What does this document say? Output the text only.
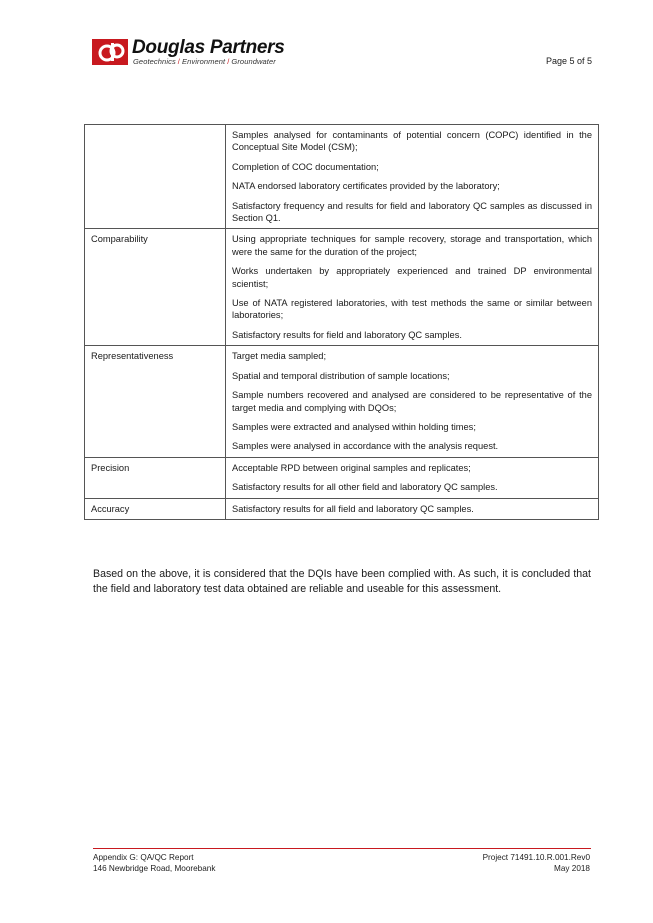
Douglas Partners
Geotechnics / Environment / Groundwater	Page 5 of 5

	Samples analysed for contaminants of potential concern (COPC) identified in the Conceptual Site Model (CSM);
Completion of COC documentation;
NATA endorsed laboratory certificates provided by the laboratory;
Satisfactory frequency and results for field and laboratory QC samples as discussed in Section Q1.

Comparability	Using appropriate techniques for sample recovery, storage and transportation, which were the same for the duration of the project;
Works undertaken by appropriately experienced and trained DP environmental scientist;
Use of NATA registered laboratories, with test methods the same or similar between laboratories;
Satisfactory results for field and laboratory QC samples.

Representativeness	Target media sampled;
Spatial and temporal distribution of sample locations;
Sample numbers recovered and analysed are considered to be representative of the target media and complying with DQOs;
Samples were extracted and analysed within holding times;
Samples were analysed in accordance with the analysis request.

Precision	Acceptable RPD between original samples and replicates;
Satisfactory results for all other field and laboratory QC samples.

Accuracy	Satisfactory results for all field and laboratory QC samples.
Based on the above, it is considered that the DQIs have been complied with. As such, it is concluded that the field and laboratory test data obtained are reliable and useable for this assessment.
Appendix G: QA/QC Report
146 Newbridge Road, Moorebank
Project 71491.10.R.001.Rev0
May 2018
